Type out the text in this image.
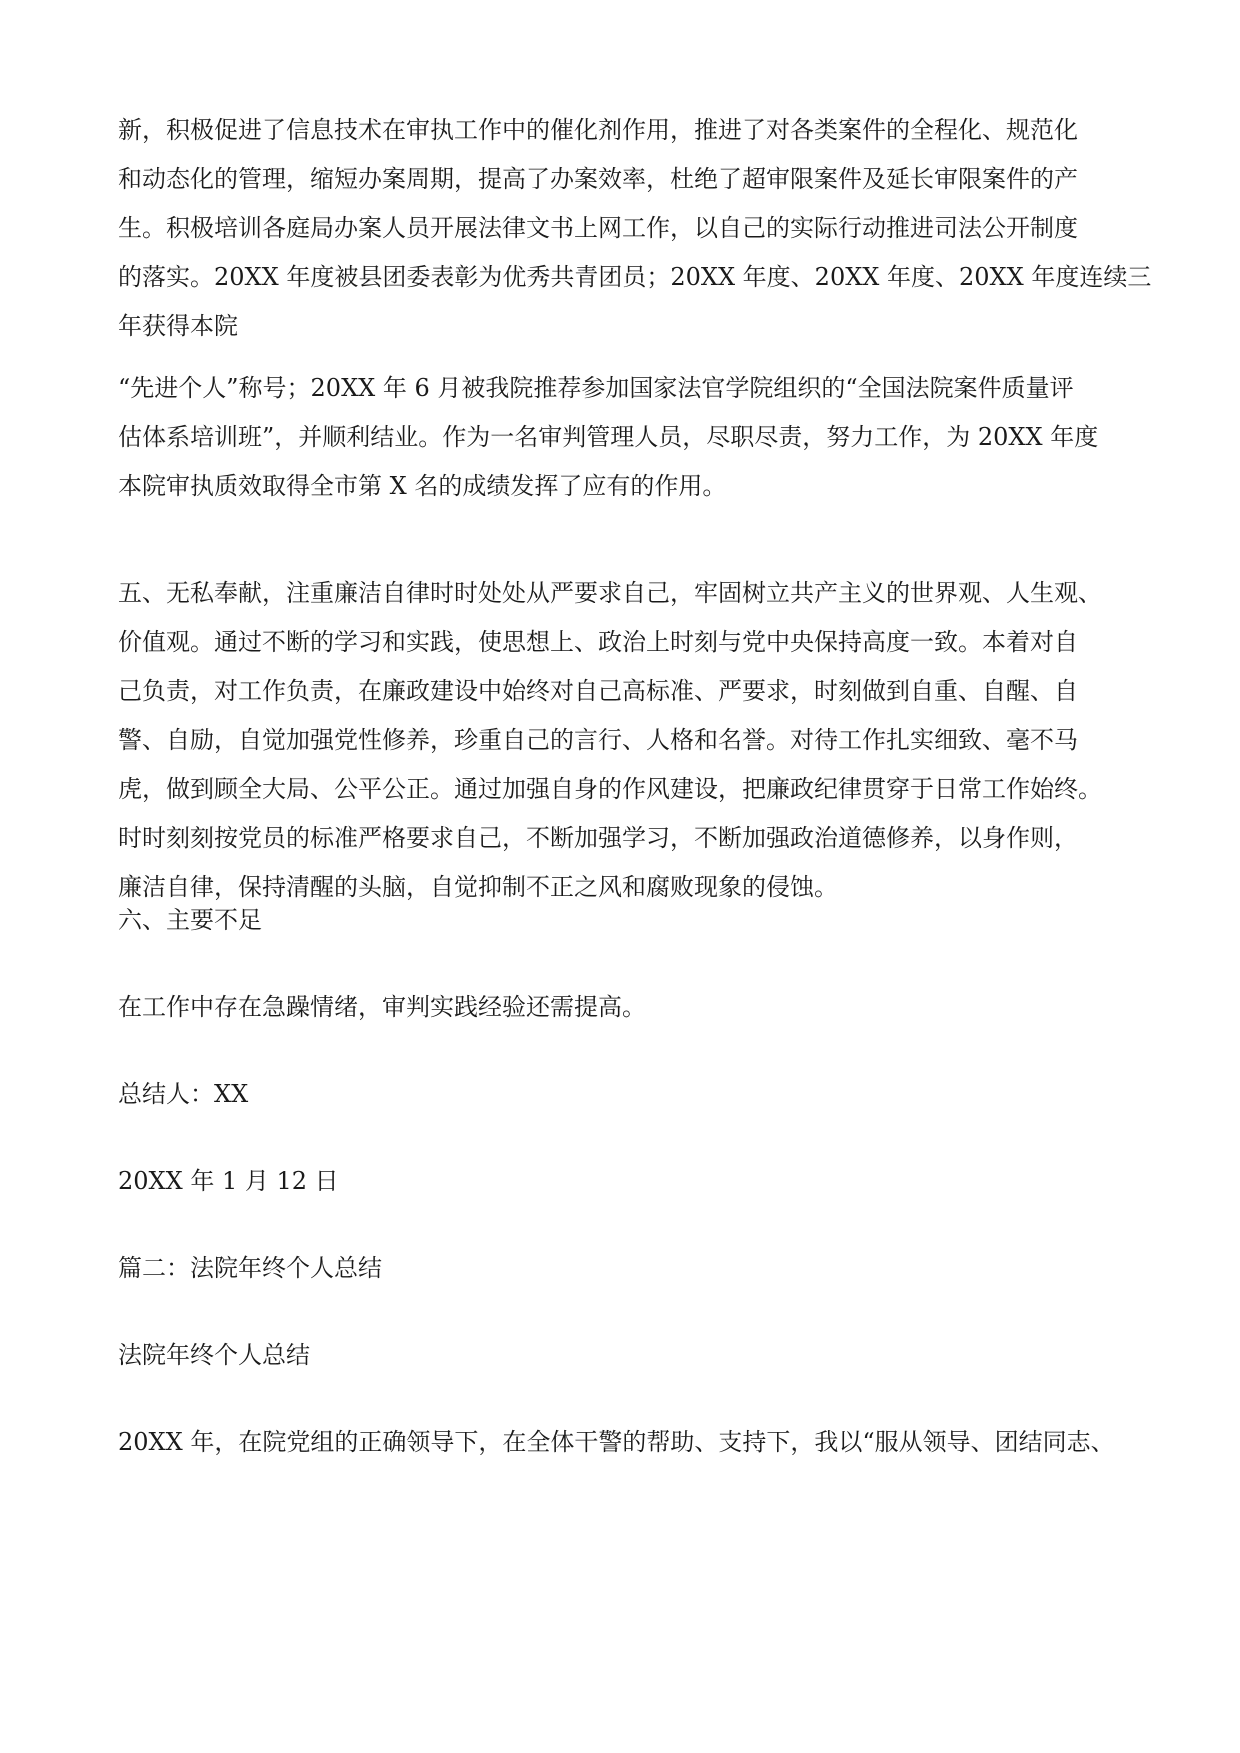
新，积极促进了信息技术在审执工作中的催化剂作用，推进了对各类案件的全程化、规范化
和动态化的管理，缩短办案周期，提高了办案效率，杜绝了超审限案件及延长审限案件的产
生。积极培训各庭局办案人员开展法律文书上网工作，以自己的实际行动推进司法公开制度
的落实。20XX 年度被县团委表彰为优秀共青团员；20XX 年度、20XX 年度、20XX 年度连续三
年获得本院

“先进个人”称号；20XX 年 6 月被我院推荐参加国家法官学院组织的“全国法院案件质量评
估体系培训班”，并顺利结业。作为一名审判管理人员，尽职尽责，努力工作，为 20XX 年度
本院审执质效取得全市第 X 名的成绩发挥了应有的作用。

五、无私奉献，注重廉洁自律时时处处从严要求自己，牢固树立共产主义的世界观、人生观、
价值观。通过不断的学习和实践，使思想上、政治上时刻与党中央保持高度一致。本着对自
己负责，对工作负责，在廉政建设中始终对自己高标准、严要求，时刻做到自重、自醒、自
警、自励，自觉加强党性修养，珍重自己的言行、人格和名誉。对待工作扎实细致、毫不马
虎，做到顾全大局、公平公正。通过加强自身的作风建设，把廉政纪律贯穿于日常工作始终。
时时刻刻按党员的标准严格要求自己，不断加强学习，不断加强政治道德修养，以身作则，
廉洁自律，保持清醒的头脑，自觉抑制不正之风和腐败现象的侵蚀。

六、主要不足

在工作中存在急躁情绪，审判实践经验还需提高。

总结人：XX

20XX 年 1 月 12 日

篇二：法院年终个人总结

法院年终个人总结

20XX 年，在院党组的正确领导下，在全体干警的帮助、支持下，我以“服从领导、团结同志、
